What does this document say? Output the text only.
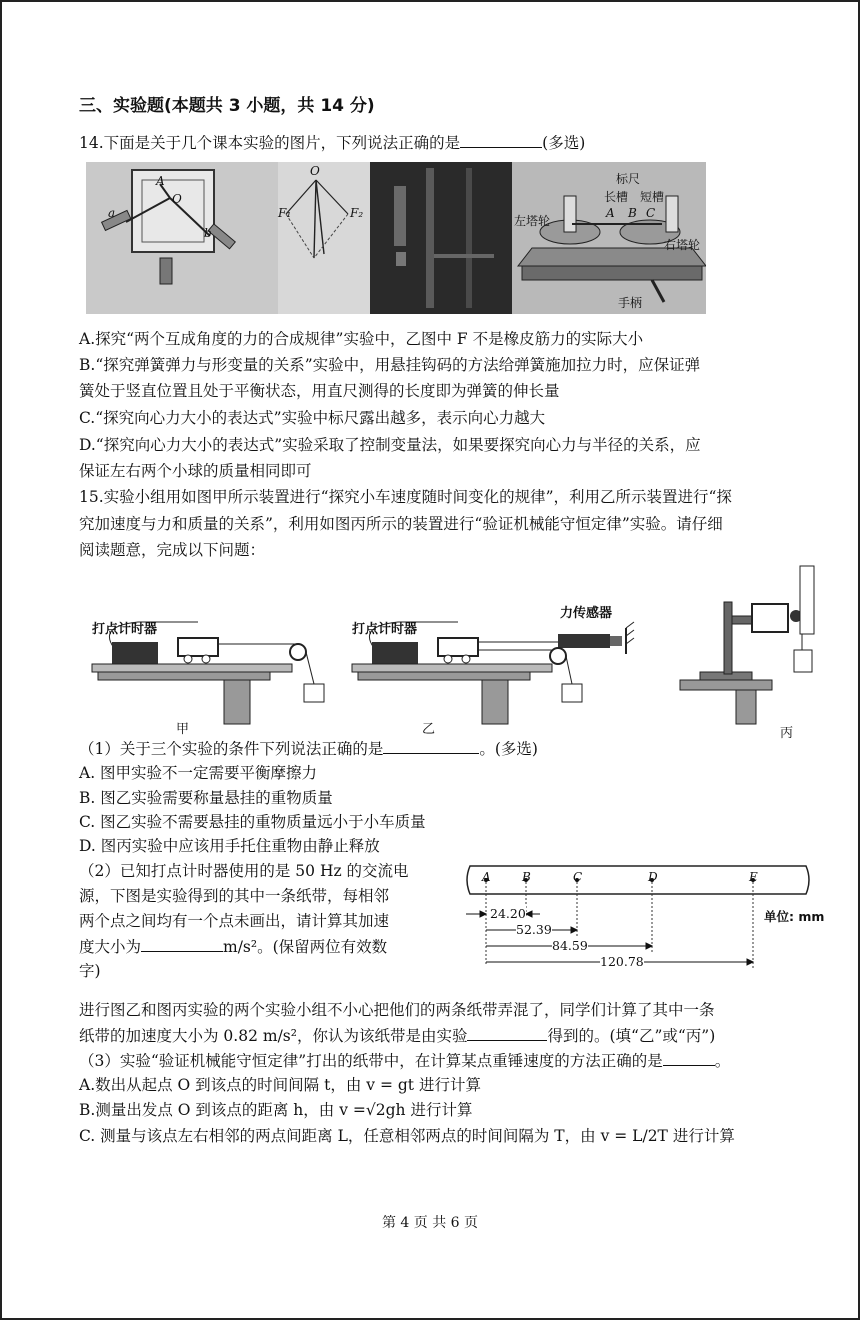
三、实验题(本题共 3 小题，共 14 分)
14.下面是关于几个课本实验的图片，下列说法正确的是	(多选)
A
O
a
b
O
F₁	F₂
标尺
长槽 短槽
A B C
左塔轮
右塔轮
手柄
A.探究“两个互成角度的力的合成规律”实验中，乙图中 F 不是橡皮筋力的实际大小
B.“探究弹簧弹力与形变量的关系”实验中，用悬挂钩码的方法给弹簧施加拉力时，应保证弹
簧处于竖直位置且处于平衡状态，用直尺测得的长度即为弹簧的伸长量
C.“探究向心力大小的表达式”实验中标尺露出越多，表示向心力越大
D.“探究向心力大小的表达式”实验采取了控制变量法，如果要探究向心力与半径的关系，应
保证左右两个小球的质量相同即可
15.实验小组用如图甲所示装置进行“探究小车速度随时间变化的规律”，利用乙所示装置进行“探
究加速度与力和质量的关系”，利用如图丙所示的装置进行“验证机械能守恒定律”实验。请仔细
阅读题意，完成以下问题：
打点计时器	打点计时器
力传感器
甲	乙	丙
（1）关于三个实验的条件下列说法正确的是	。(多选)
A. 图甲实验不一定需要平衡摩擦力
B. 图乙实验需要称量悬挂的重物质量
C. 图乙实验不需要悬挂的重物质量远小于小车质量
D. 图丙实验中应该用手托住重物由静止释放
（2）已知打点计时器使用的是 50 Hz 的交流电
源，下图是实验得到的其中一条纸带，每相邻
两个点之间均有一个点未画出，请计算其加速
度大小为	m/s²。(保留两位有效数
字)
A	B	C	D	E
24.20
52.39
84.59
120.78
单位: mm
进行图乙和图丙实验的两个实验小组不小心把他们的两条纸带弄混了，同学们计算了其中一条
纸带的加速度大小为 0.82 m/s²，你认为该纸带是由实验	得到的。(填“乙”或“丙”)
（3）实验“验证机械能守恒定律”打出的纸带中，在计算某点重锤速度的方法正确的是	。
A.数出从起点 O 到该点的时间间隔 t，由 v = gt 进行计算
B.测量出发点 O 到该点的距离 h，由 v =√2gh 进行计算
C. 测量与该点左右相邻的两点间距离 L，任意相邻两点的时间间隔为 T，由 v = L/2T 进行计算
第 4 页 共 6 页
